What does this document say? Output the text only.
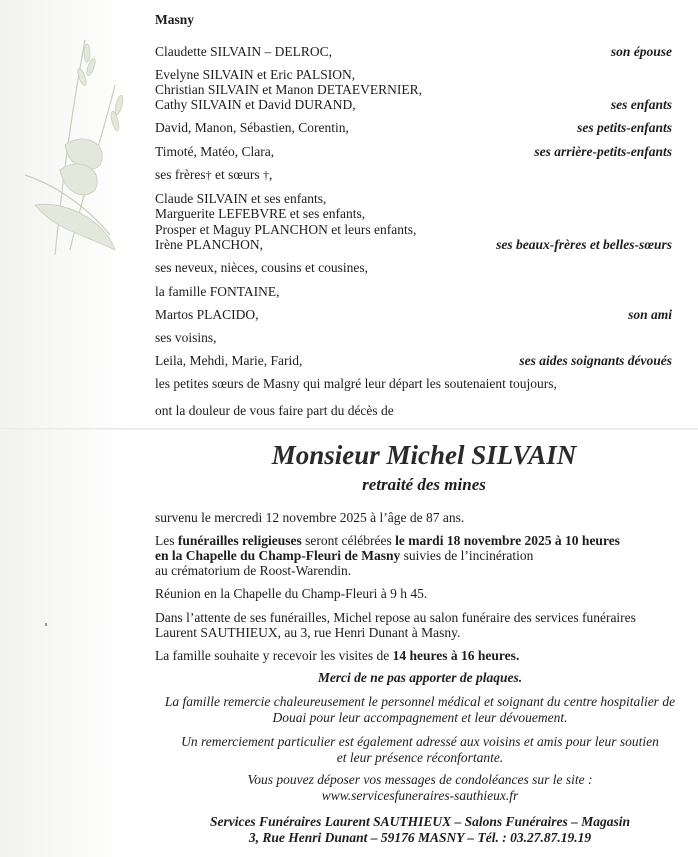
Masny
Claudette SILVAIN – DELROC,	son épouse
Evelyne SILVAIN et Eric PALSION,
Christian SILVAIN et Manon DETAEVERNIER,
Cathy SILVAIN et David DURAND,	ses enfants
David, Manon, Sébastien, Corentin,	ses petits-enfants
Timoté, Matéo, Clara,	ses arrière-petits-enfants
ses frères† et sœurs †,
Claude SILVAIN et ses enfants,
Marguerite LEFEBVRE et ses enfants,
Prosper et Maguy PLANCHON et leurs enfants,
Irène PLANCHON,	ses beaux-frères et belles-sœurs
ses neveux, nièces, cousins et cousines,
la famille FONTAINE,
Martos PLACIDO,	son ami
ses voisins,
Leila, Mehdi, Marie, Farid,	ses aides soignants dévoués
les petites sœurs de Masny qui malgré leur départ les soutenaient toujours,
ont la douleur de vous faire part du décès de
Monsieur Michel SILVAIN
retraité des mines
survenu le mercredi 12 novembre 2025 à l’âge de 87 ans.
Les funérailles religieuses seront célébrées le mardi 18 novembre 2025 à 10 heures
en la Chapelle du Champ-Fleuri de Masny suivies de l’incinération
au crématorium de Roost-Warendin.
Réunion en la Chapelle du Champ-Fleuri à 9 h 45.
Dans l’attente de ses funérailles, Michel repose au salon funéraire des services funéraires
Laurent SAUTHIEUX, au 3, rue Henri Dunant à Masny.
La famille souhaite y recevoir les visites de 14 heures à 16 heures.
Merci de ne pas apporter de plaques.
La famille remercie chaleureusement le personnel médical et soignant du centre hospitalier de
Douai pour leur accompagnement et leur dévouement.
Un remerciement particulier est également adressé aux voisins et amis pour leur soutien
et leur présence réconfortante.
Vous pouvez déposer vos messages de condoléances sur le site :
www.servicesfuneraires-sauthieux.fr
Services Funéraires Laurent SAUTHIEUX – Salons Funéraires – Magasin
3, Rue Henri Dunant – 59176 MASNY – Tél. : 03.27.87.19.19
